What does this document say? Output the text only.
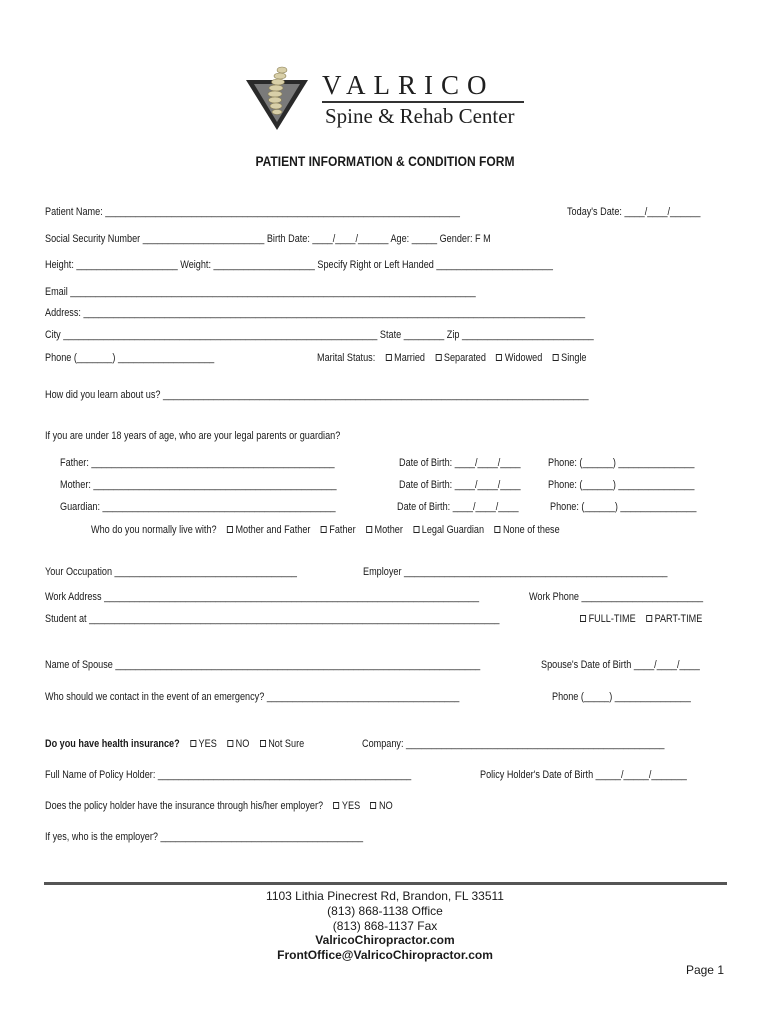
VALRICO
Spine & Rehab Center
PATIENT INFORMATION & CONDITION FORM
Patient Name: ______________________________________________________________________	Today's Date: ____/____/______
Social Security Number ________________________ Birth Date: ____/____/______ Age: _____ Gender: F M
Height: ____________________ Weight: ____________________ Specify Right or Left Handed _______________________
Email ________________________________________________________________________________
Address: ___________________________________________________________________________________________________
City ______________________________________________________________ State ________ Zip __________________________
Phone (_______) ___________________	Marital Status: Married Separated Widowed Single
How did you learn about us? ____________________________________________________________________________________
If you are under 18 years of age, who are your legal parents or guardian?
Father: ________________________________________________	Date of Birth: ____/____/____	Phone: (______) _______________
Mother: ________________________________________________	Date of Birth: ____/____/____	Phone: (______) _______________
Guardian: ______________________________________________	Date of Birth: ____/____/____	Phone: (______) _______________
Who do you normally live with? Mother and Father Father Mother Legal Guardian None of these
Your Occupation ____________________________________	Employer ____________________________________________________
Work Address __________________________________________________________________________	Work Phone ________________________
Student at _________________________________________________________________________________	FULL-TIME PART-TIME
Name of Spouse ________________________________________________________________________	Spouse's Date of Birth ____/____/____
Who should we contact in the event of an emergency? ______________________________________	Phone (_____) _______________
Do you have health insurance? YES NO Not Sure	Company: ___________________________________________________
Full Name of Policy Holder: __________________________________________________	Policy Holder's Date of Birth _____/_____/_______
Does the policy holder have the insurance through his/her employer? YES NO
If yes, who is the employer? ________________________________________
1103 Lithia Pinecrest Rd, Brandon, FL 33511
(813) 868-1138 Office
(813) 868-1137 Fax
ValricoChiropractor.com
FrontOffice@ValricoChiropractor.com
Page 1
